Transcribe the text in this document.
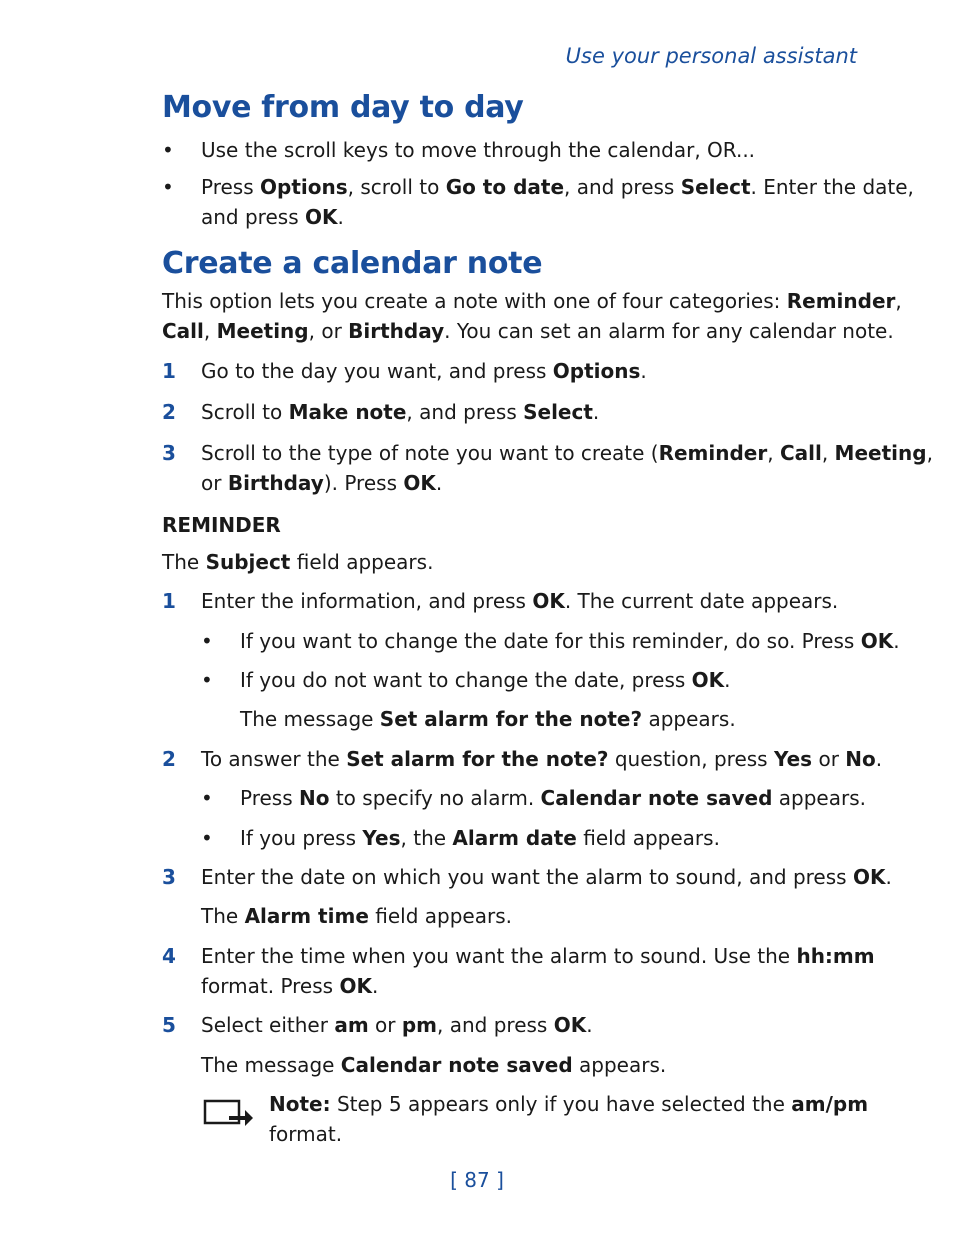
Use your personal assistant
Move from day to day
• Use the scroll keys to move through the calendar, OR...
• Press Options, scroll to Go to date, and press Select. Enter the date,
and press OK.
Create a calendar note
This option lets you create a note with one of four categories: Reminder,
Call, Meeting, or Birthday. You can set an alarm for any calendar note.
1 Go to the day you want, and press Options.
2 Scroll to Make note, and press Select.
3 Scroll to the type of note you want to create (Reminder, Call, Meeting,
or Birthday). Press OK.
REMINDER
The Subject field appears.
1 Enter the information, and press OK. The current date appears.
• If you want to change the date for this reminder, do so. Press OK.
• If you do not want to change the date, press OK.
The message Set alarm for the note? appears.
2 To answer the Set alarm for the note? question, press Yes or No.
• Press No to specify no alarm. Calendar note saved appears.
• If you press Yes, the Alarm date field appears.
3 Enter the date on which you want the alarm to sound, and press OK.
The Alarm time field appears.
4 Enter the time when you want the alarm to sound. Use the hh:mm
format. Press OK.
5 Select either am or pm, and press OK.
The message Calendar note saved appears.
Note: Step 5 appears only if you have selected the am/pm
format.
[ 87 ]
